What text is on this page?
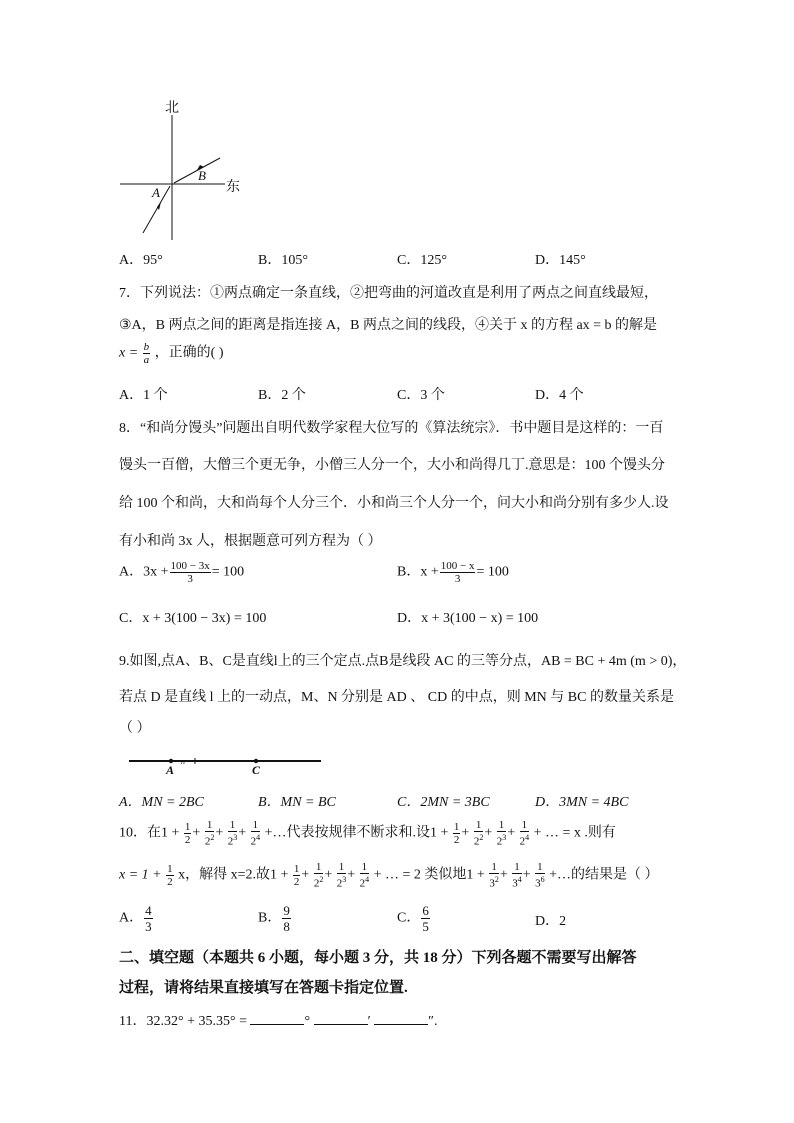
北
东
A
B
A．95°	B．105°	C．125°	D．145°
7．下列说法：①两点确定一条直线，②把弯曲的河道改直是利用了两点之间直线最短，
③A，B 两点之间的距离是指连接 A，B 两点之间的线段，④关于 x 的方程 ax = b 的解是
$x = \frac{b}{a}$ ，正确的( )
A．1 个	B．2 个	C．3 个	D．4 个
8．“和尚分馒头”问题出自明代数学家程大位写的《算法统宗》．书中题目是这样的：一百
馒头一百僧，大僧三个更无争，小僧三人分一个，大小和尚得几丁.意思是：100 个馒头分
给 100 个和尚，大和尚每个人分三个．小和尚三个人分一个，问大小和尚分别有多少人.设
有小和尚 3x 人，根据题意可列方程为（ ）
A．$3x + \frac{100 - 3x}{3} = 100$	B．$x + \frac{100 - x}{3} = 100$
C．x + 3(100 − 3x) = 100	D．x + 3(100 − x) = 100
9.如图,点A、B、C是直线l上的三个定点.点B是线段 AC 的三等分点，AB = BC + 4m (m > 0)，
若点 D 是直线 l 上的一动点，M、N 分别是 AD 、 CD 的中点，则 MN 与 BC 的数量关系是
（ ）
A
n
C
A．MN = 2BC	B．MN = BC	C．2MN = 3BC	D．3MN = 4BC
10．在$1 + \frac{1}{2} + \frac{1}{2^2} + \frac{1}{2^3} + \frac{1}{2^4}$ +…代表按规律不断求和.设$1 + \frac{1}{2} + \frac{1}{2^2} + \frac{1}{2^3} + \frac{1}{2^4}$ + … = x .则有
$x = 1 + \frac{1}{2}$ x，解得 x=2.故$1 + \frac{1}{2} + \frac{1}{2^2} + \frac{1}{2^3} + \frac{1}{2^4}$ + … = 2 类似地$1 + \frac{1}{3^2} + \frac{1}{3^4} + \frac{1}{3^6}$ +…的结果是（ ）
A． $\frac{4}{3}$	B． $\frac{9}{8}$	C． $\frac{6}{5}$	D．2
二、填空题（本题共 6 小题，每小题 3 分，共 18 分）下列各题不需要写出解答
过程，请将结果直接填写在答题卡指定位置.
11．32.32° + 35.35° =	°	′	″.
